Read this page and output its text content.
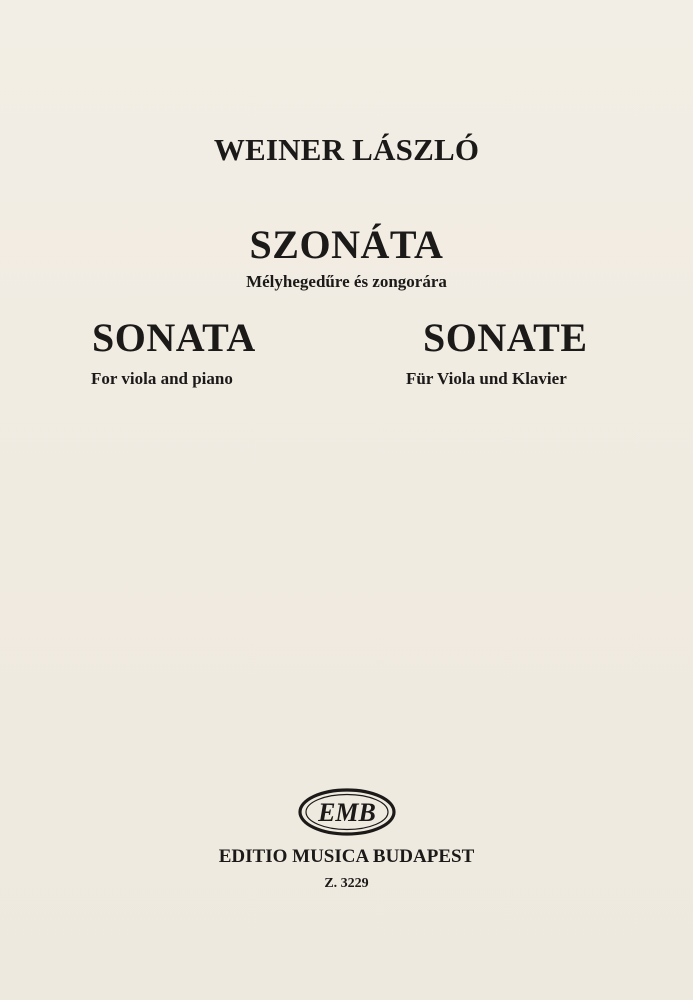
WEINER LÁSZLÓ
SZONÁTA
Mélyhegedűre és zongorára
SONATA
For viola and piano
SONATE
Für Viola und Klavier
EMB
EDITIO MUSICA BUDAPEST
Z. 3229
